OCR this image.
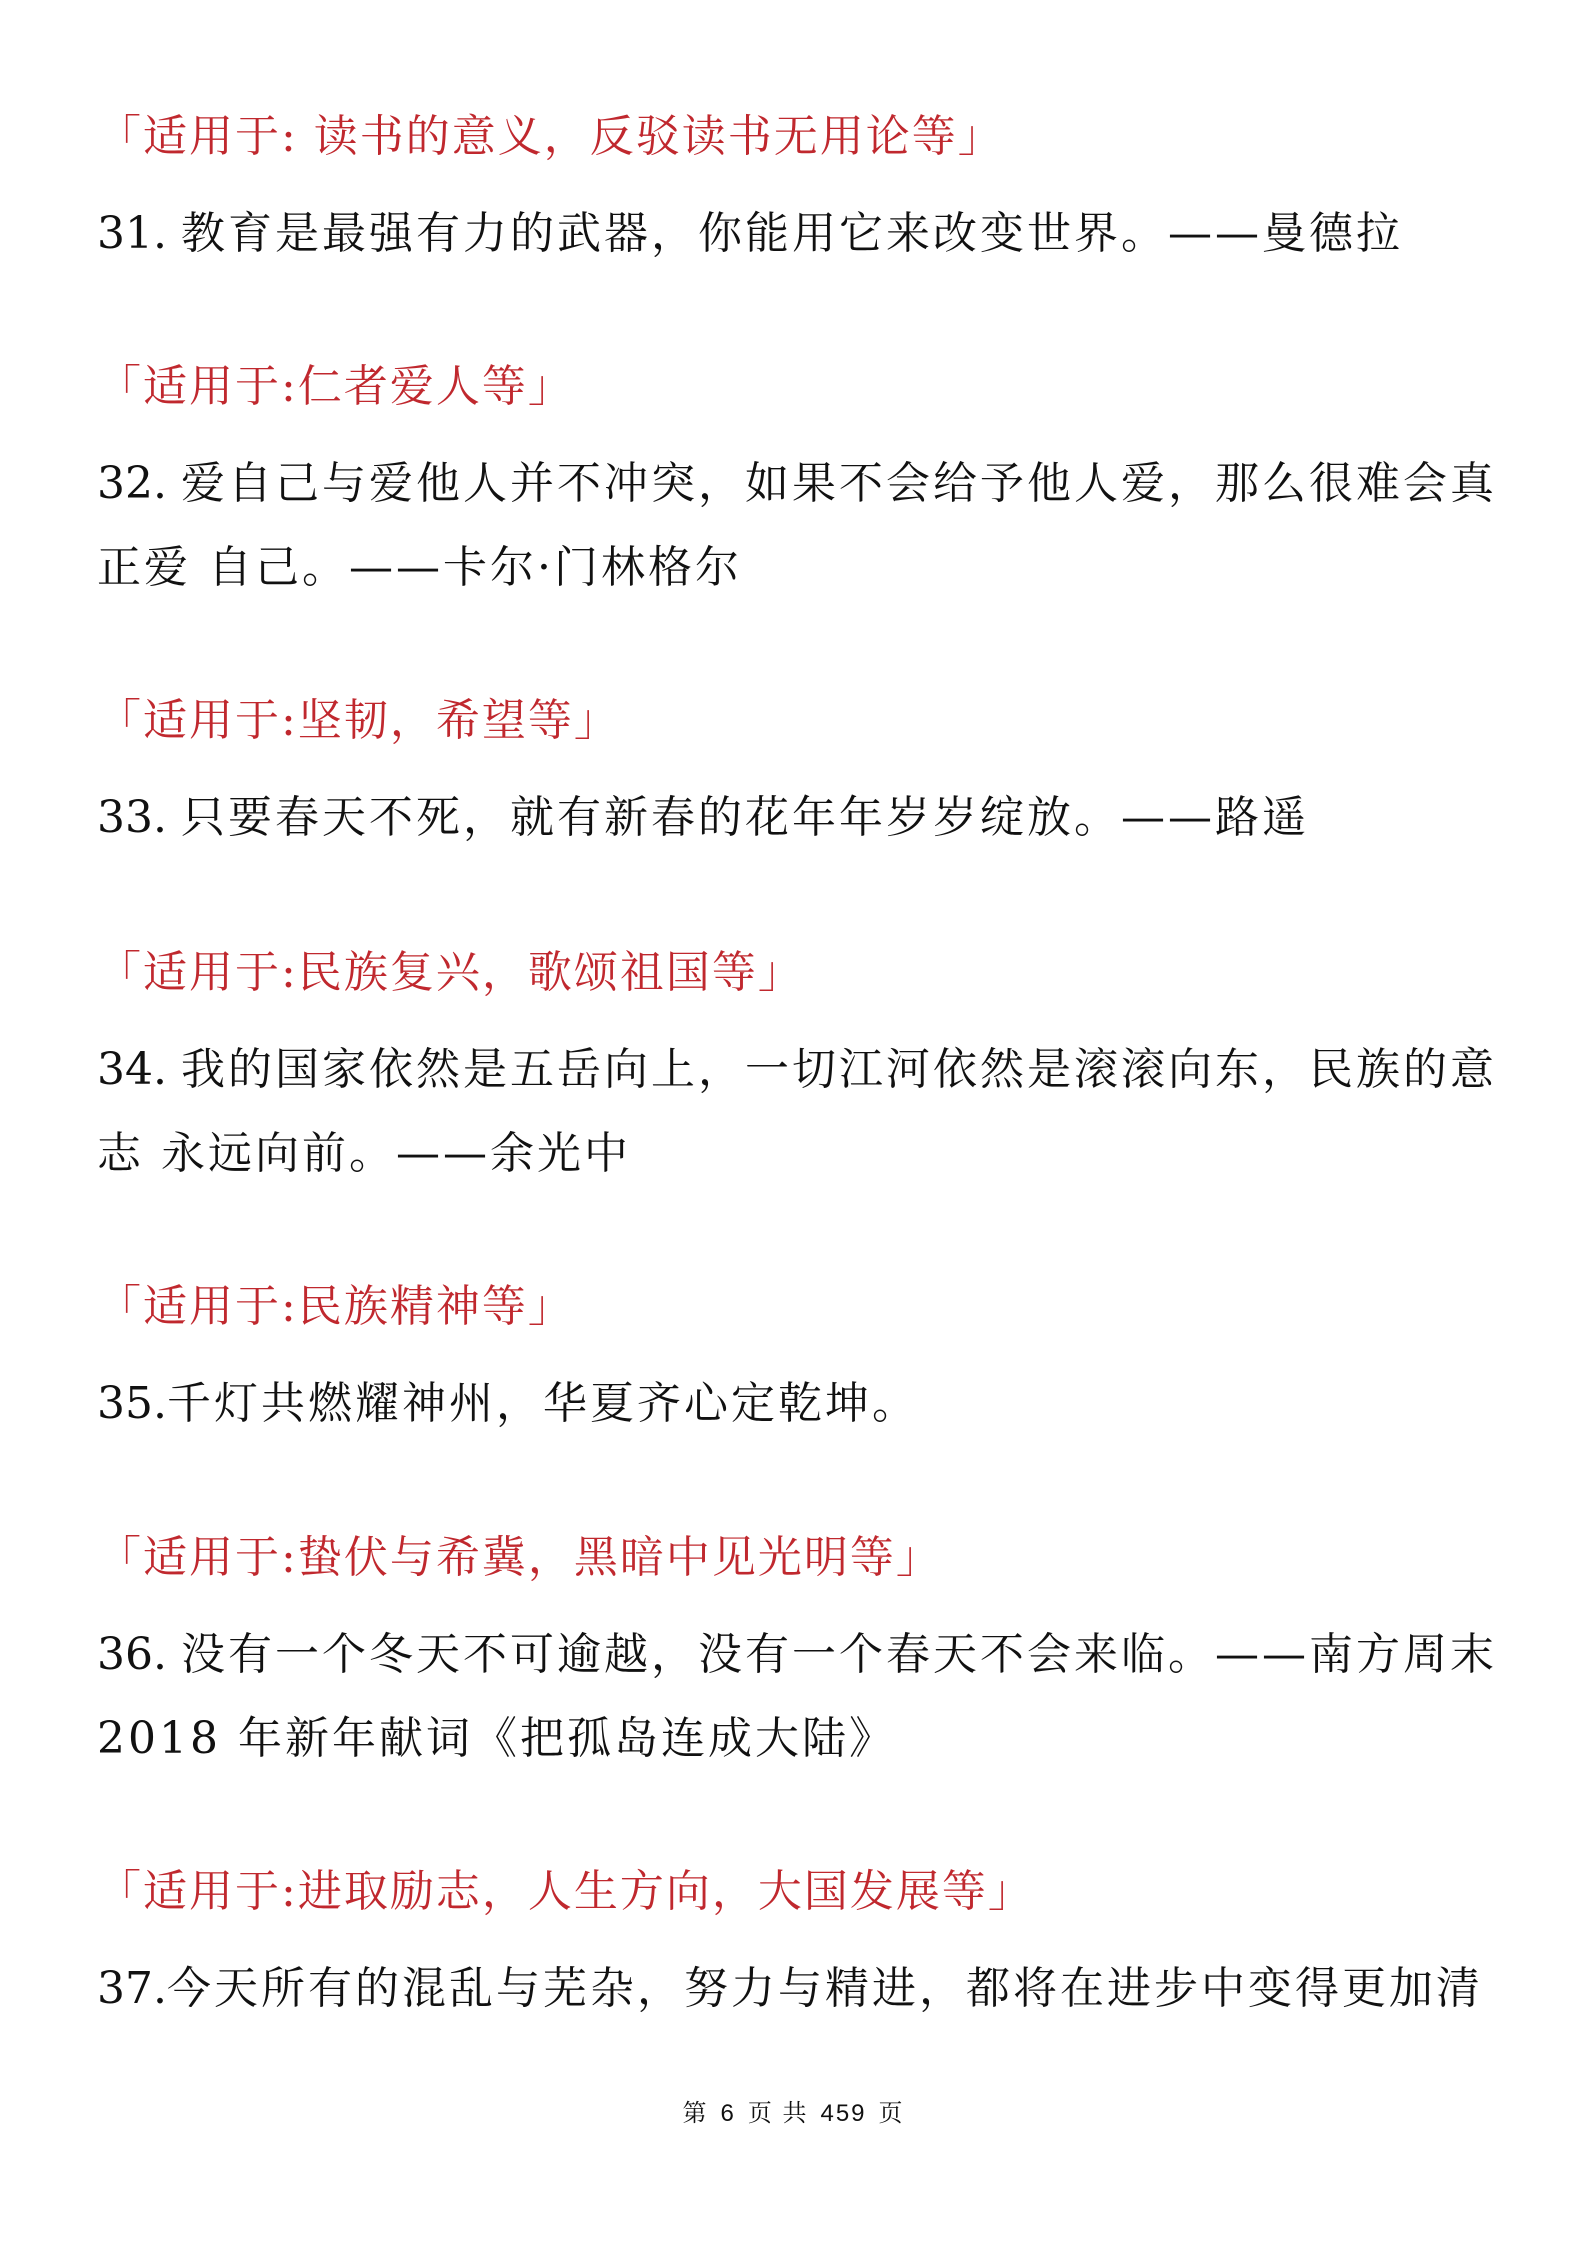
「适用于: 读书的意义，反驳读书无用论等」
31. 教育是最强有力的武器，你能用它来改变世界。——曼德拉
「适用于:仁者爱人等」
32. 爱自己与爱他人并不冲突，如果不会给予他人爱，那么很难会真正爱 自己。——卡尔·门林格尔
「适用于:坚韧，希望等」
33. 只要春天不死，就有新春的花年年岁岁绽放。——路遥
「适用于:民族复兴，歌颂祖国等」
34. 我的国家依然是五岳向上，一切江河依然是滚滚向东，民族的意志 永远向前。——余光中
「适用于:民族精神等」
35.千灯共燃耀神州，华夏齐心定乾坤。
「适用于:蛰伏与希冀，黑暗中见光明等」
36. 没有一个冬天不可逾越，没有一个春天不会来临。——南方周末 2018 年新年献词《把孤岛连成大陆》
「适用于:进取励志，人生方向，大国发展等」
37.今天所有的混乱与芜杂，努力与精进，都将在进步中变得更加清
第 6 页 共 459 页
